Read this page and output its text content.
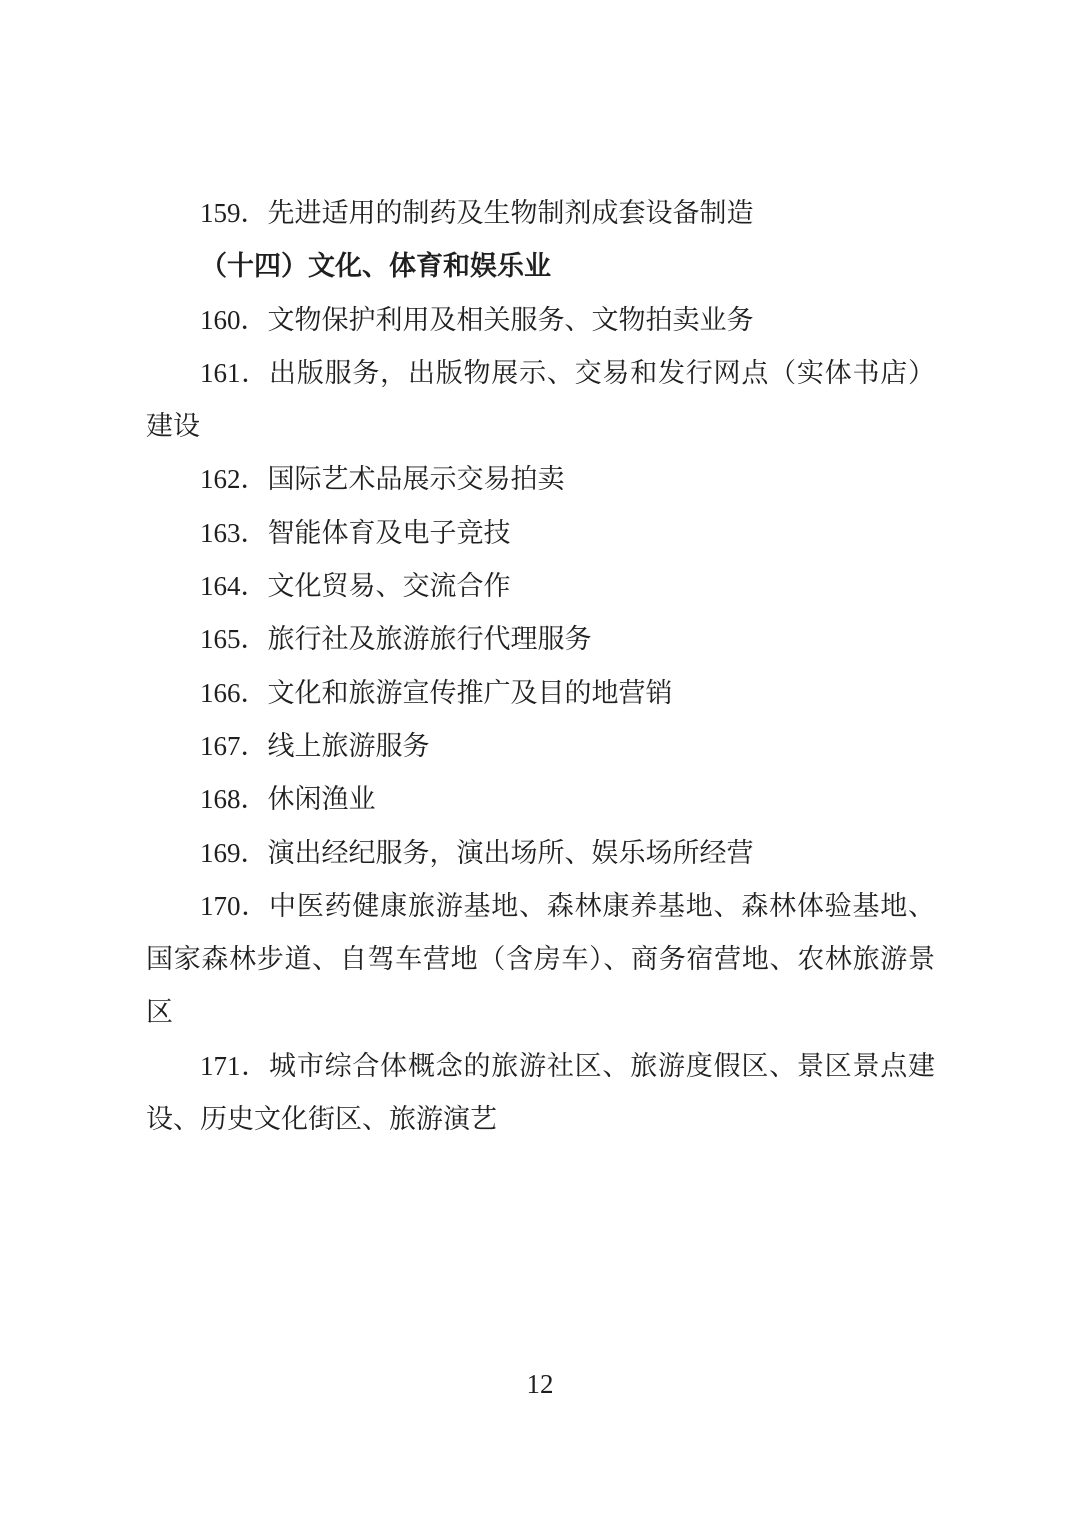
159．先进适用的制药及生物制剂成套设备制造
（十四）文化、体育和娱乐业
160．文物保护利用及相关服务、文物拍卖业务
161．出版服务，出版物展示、交易和发行网点（实体书店）
建设
162．国际艺术品展示交易拍卖
163．智能体育及电子竞技
164．文化贸易、交流合作
165．旅行社及旅游旅行代理服务
166．文化和旅游宣传推广及目的地营销
167．线上旅游服务
168．休闲渔业
169．演出经纪服务，演出场所、娱乐场所经营
170．中医药健康旅游基地、森林康养基地、森林体验基地、
国家森林步道、自驾车营地（含房车）、商务宿营地、农林旅游景
区
171．城市综合体概念的旅游社区、旅游度假区、景区景点建
设、历史文化街区、旅游演艺
12
